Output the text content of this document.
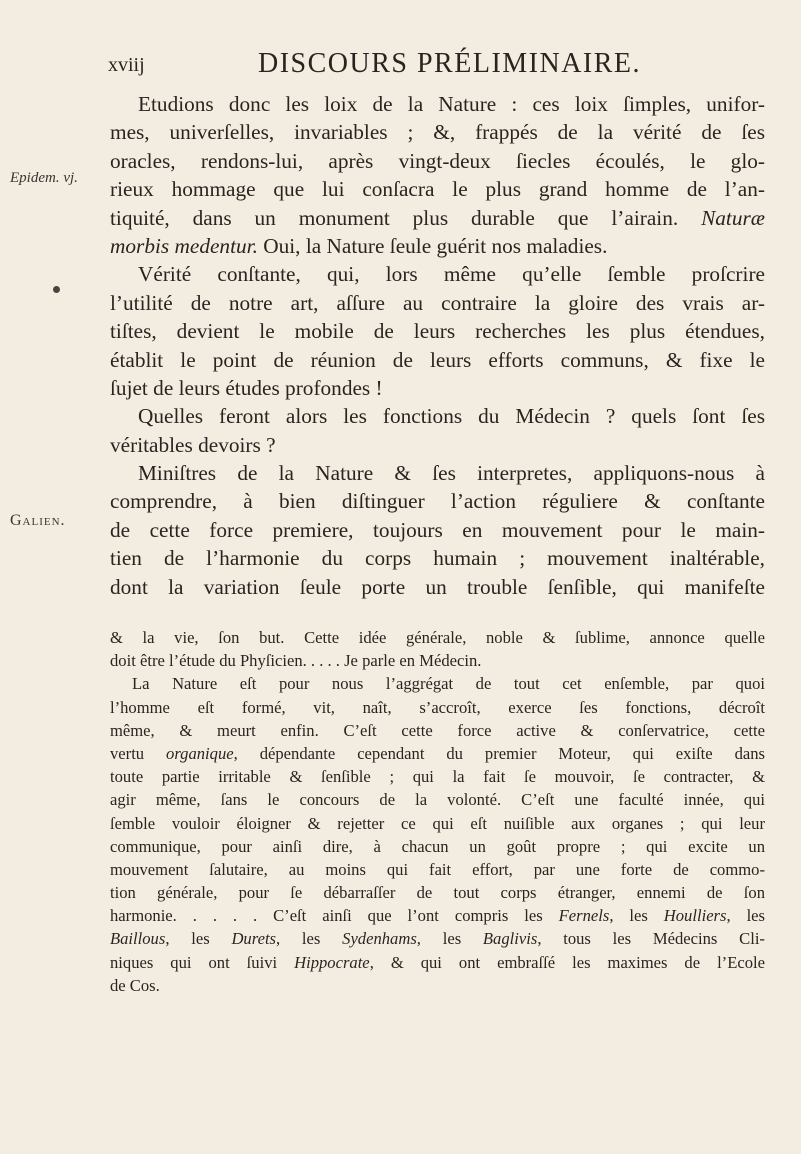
xviij	DISCOURS PRÉLIMINAIRE.
Epidem. vj.
Galien.
Etudions donc les loix de la Nature : ces loix ſimples, unifor-
mes, univerſelles, invariables ; &, frappés de la vérité de ſes
oracles, rendons-lui, après vingt-deux ſiecles écoulés, le glo-
rieux hommage que lui conſacra le plus grand homme de l’an-
tiquité, dans un monument plus durable que l’airain. Naturæ
morbis medentur. Oui, la Nature ſeule guérit nos maladies.
Vérité conſtante, qui, lors même qu’elle ſemble proſcrire
l’utilité de notre art, aſſure au contraire la gloire des vrais ar-
tiſtes, devient le mobile de leurs recherches les plus étendues,
établit le point de réunion de leurs efforts communs, & fixe le
ſujet de leurs études profondes !
Quelles feront alors les fonctions du Médecin ? quels ſont ſes
véritables devoirs ?
Miniſtres de la Nature & ſes interpretes, appliquons-nous à
comprendre, à bien diſtinguer l’action réguliere & conſtante
de cette force premiere, toujours en mouvement pour le main-
tien de l’harmonie du corps humain ; mouvement inaltérable,
dont la variation ſeule porte un trouble ſenſible, qui manifeſte
& la vie, ſon but. Cette idée générale, noble & ſublime, annonce quelle
doit être l’étude du Phyſicien. . . . . Je parle en Médecin.
La Nature eſt pour nous l’aggrégat de tout cet enſemble, par quoi
l’homme eſt formé, vit, naît, s’accroît, exerce ſes fonctions, décroît
même, & meurt enfin. C’eſt cette force active & conſervatrice, cette
vertu organique, dépendante cependant du premier Moteur, qui exiſte dans
toute partie irritable & ſenſible ; qui la fait ſe mouvoir, ſe contracter, &
agir même, ſans le concours de la volonté. C’eſt une faculté innée, qui
ſemble vouloir éloigner & rejetter ce qui eſt nuiſible aux organes ; qui leur
communique, pour ainſi dire, à chacun un goût propre ; qui excite un
mouvement ſalutaire, au moins qui fait effort, par une forte de commo-
tion générale, pour ſe débarraſſer de tout corps étranger, ennemi de ſon
harmonie. . . . . C’eſt ainſi que l’ont compris les Fernels, les Houlliers, les
Baillous, les Durets, les Sydenhams, les Baglivis, tous les Médecins Cli-
niques qui ont ſuivi Hippocrate, & qui ont embraſſé les maximes de l’Ecole
de Cos.
